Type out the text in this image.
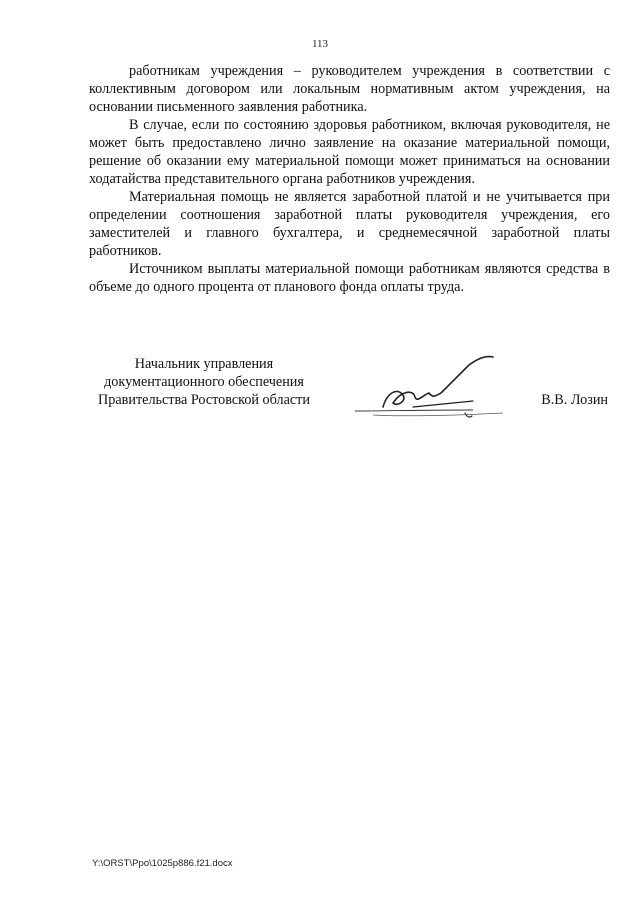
113

работникам учреждения – руководителем учреждения в соответствии с коллективным договором или локальным нормативным актом учреждения, на основании письменного заявления работника.

В случае, если по состоянию здоровья работником, включая руководителя, не может быть предоставлено лично заявление на оказание материальной помощи, решение об оказании ему материальной помощи может приниматься на основании ходатайства представительного органа работников учреждения.

Материальная помощь не является заработной платой и не учитывается при определении соотношения заработной платы руководителя учреждения, его заместителей и главного бухгалтера, и среднемесячной заработной платы работников.

Источником выплаты материальной помощи работникам являются средства в объеме до одного процента от планового фонда оплаты труда.

Начальник управления
документационного обеспечения
Правительства Ростовской области	В.В. Лозин
Y:\ORST\Ppo\1025p886.f21.docx
